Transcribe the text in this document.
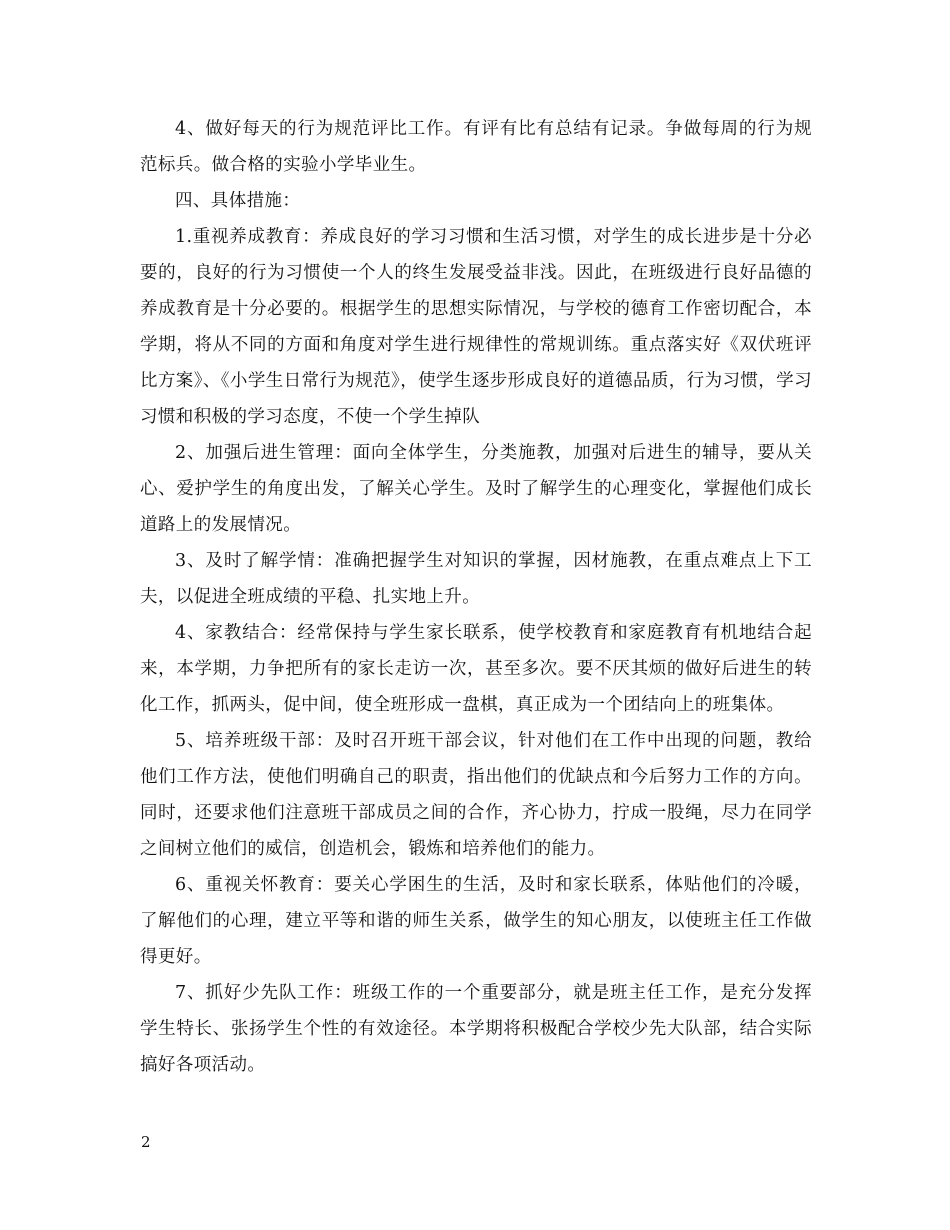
4、做好每天的行为规范评比工作。有评有比有总结有记录。争做每周的行为规范标兵。做合格的实验小学毕业生。

四、具体措施：

1.重视养成教育：养成良好的学习习惯和生活习惯，对学生的成长进步是十分必要的，良好的行为习惯使一个人的终生发展受益非浅。因此，在班级进行良好品德的养成教育是十分必要的。根据学生的思想实际情况，与学校的德育工作密切配合，本学期，将从不同的方面和角度对学生进行规律性的常规训练。重点落实好《双伏班评比方案》、《小学生日常行为规范》，使学生逐步形成良好的道德品质，行为习惯，学习习惯和积极的学习态度，不使一个学生掉队

2、加强后进生管理：面向全体学生，分类施教，加强对后进生的辅导，要从关心、爱护学生的角度出发，了解关心学生。及时了解学生的心理变化，掌握他们成长道路上的发展情况。

3、及时了解学情：准确把握学生对知识的掌握，因材施教，在重点难点上下工夫，以促进全班成绩的平稳、扎实地上升。

4、家教结合：经常保持与学生家长联系，使学校教育和家庭教育有机地结合起来，本学期，力争把所有的家长走访一次，甚至多次。要不厌其烦的做好后进生的转化工作，抓两头，促中间，使全班形成一盘棋，真正成为一个团结向上的班集体。

5、培养班级干部：及时召开班干部会议，针对他们在工作中出现的问题，教给他们工作方法，使他们明确自己的职责，指出他们的优缺点和今后努力工作的方向。同时，还要求他们注意班干部成员之间的合作，齐心协力，拧成一股绳，尽力在同学之间树立他们的威信，创造机会，锻炼和培养他们的能力。

6、重视关怀教育：要关心学困生的生活，及时和家长联系，体贴他们的冷暖，了解他们的心理，建立平等和谐的师生关系，做学生的知心朋友，以使班主任工作做得更好。

7、抓好少先队工作：班级工作的一个重要部分，就是班主任工作，是充分发挥学生特长、张扬学生个性的有效途径。本学期将积极配合学校少先大队部，结合实际搞好各项活动。

2
